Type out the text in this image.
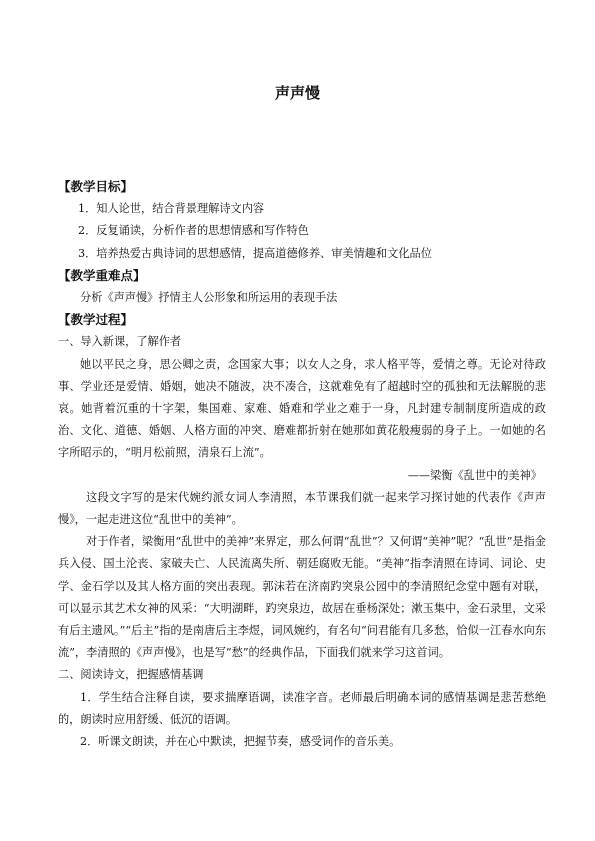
声声慢
【教学目标】
1．知人论世，结合背景理解诗文内容
2．反复诵读，分析作者的思想情感和写作特色
3．培养热爱古典诗词的思想感情，提高道德修养、审美情趣和文化品位
【教学重难点】
分析《声声慢》抒情主人公形象和所运用的表现手法
【教学过程】
一、导入新课，了解作者
她以平民之身，思公卿之责，念国家大事；以女人之身，求人格平等，爱情之尊。无论对待政事、学业还是爱情、婚姻，她决不随波，决不凑合，这就难免有了超越时空的孤独和无法解脱的悲哀。她背着沉重的十字架，集国难、家难、婚难和学业之难于一身，凡封建专制制度所造成的政治、文化、道德、婚姻、人格方面的冲突、磨难都折射在她那如黄花般瘦弱的身子上。一如她的名字所昭示的，“明月松前照，清泉石上流”。
——梁衡《乱世中的美神》
这段文字写的是宋代婉约派女词人李清照，本节课我们就一起来学习探讨她的代表作《声声慢》，一起走进这位“乱世中的美神”。
对于作者，梁衡用“乱世中的美神”来界定，那么何谓“乱世”？又何谓“美神”呢？“乱世”是指金兵入侵、国土沦丧、家破夫亡、人民流离失所、朝廷腐败无能。“美神”指李清照在诗词、词论、史学、金石学以及其人格方面的突出表现。郭沫若在济南趵突泉公园中的李清照纪念堂中题有对联，可以显示其艺术女神的风采：“大明湖畔，趵突泉边，故居在垂杨深处；漱玉集中，金石录里，文采有后主遗风。”“后主”指的是南唐后主李煜，词风婉约，有名句“问君能有几多愁，恰似一江春水向东流”，李清照的《声声慢》，也是写“愁”的经典作品，下面我们就来学习这首词。
二、阅读诗文，把握感情基调
1．学生结合注释自读，要求揣摩语调，读准字音。老师最后明确本词的感情基调是悲苦愁绝的，朗读时应用舒缓、低沉的语调。
2．听课文朗读，并在心中默读，把握节奏，感受词作的音乐美。
